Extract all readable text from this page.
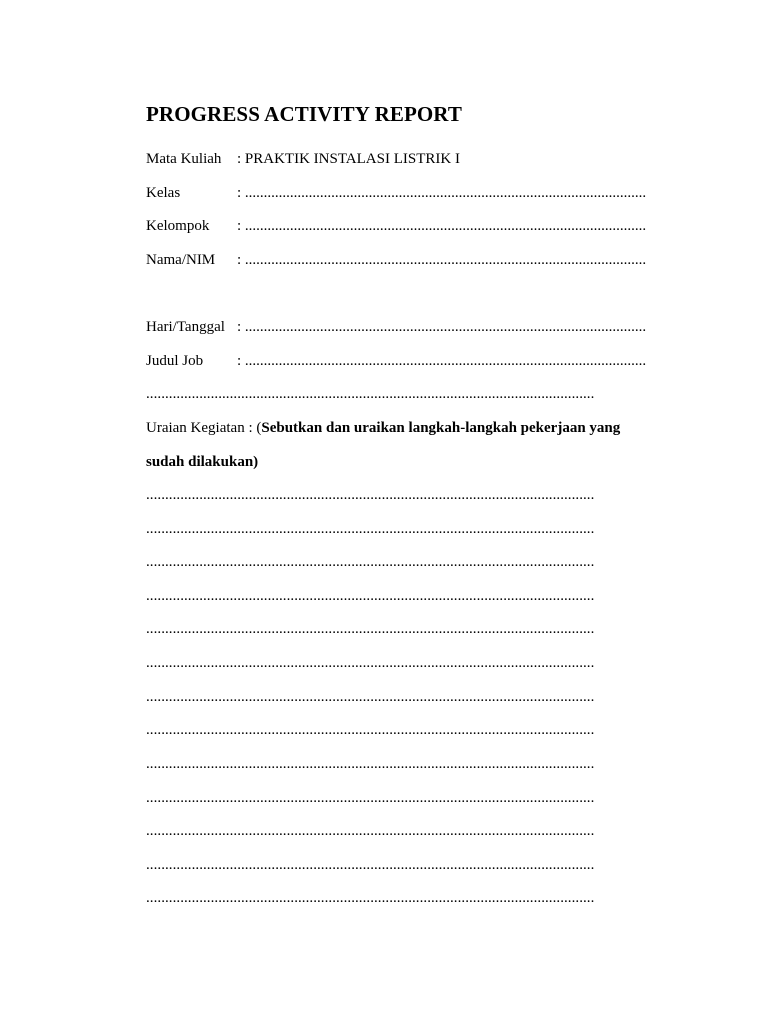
PROGRESS ACTIVITY REPORT
Mata Kuliah : PRAKTIK INSTALASI LISTRIK I
Kelas	: ...........................................................................................................
Kelompok : ...........................................................................................................
Nama/NIM : ...........................................................................................................
Hari/Tanggal : ...........................................................................................................
Judul Job : ...........................................................................................................
......................................................................................................................
Uraian Kegiatan : (Sebutkan dan uraikan langkah-langkah pekerjaan yang
sudah dilakukan)
......................................................................................................................
......................................................................................................................
......................................................................................................................
......................................................................................................................
......................................................................................................................
......................................................................................................................
......................................................................................................................
......................................................................................................................
......................................................................................................................
......................................................................................................................
......................................................................................................................
......................................................................................................................
......................................................................................................................
